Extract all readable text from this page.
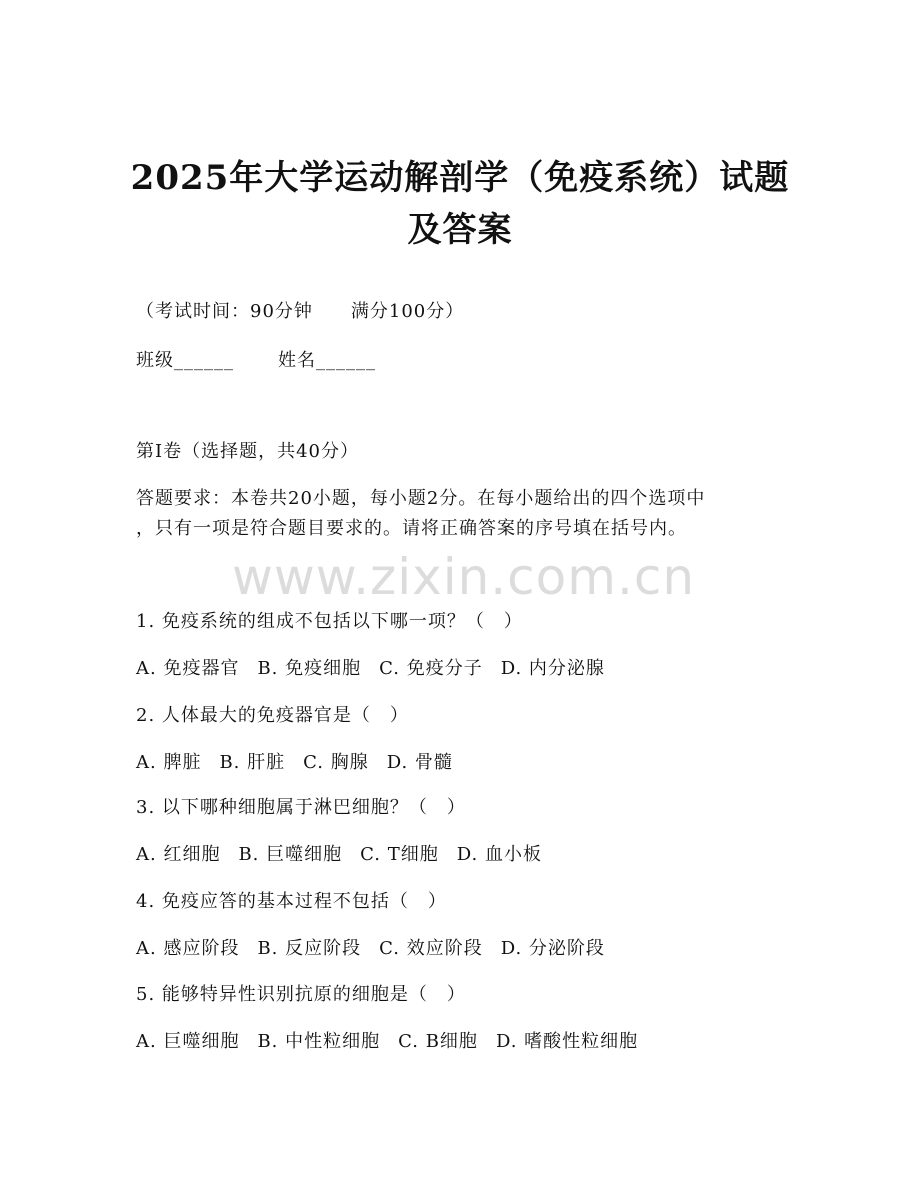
2025年大学运动解剖学（免疫系统）试题及答案
（考试时间：90分钟 满分100分）
班级______ 姓名______
第I卷（选择题，共40分）
答题要求：本卷共20小题，每小题2分。在每小题给出的四个选项中
，只有一项是符合题目要求的。请将正确答案的序号填在括号内。
www.zixin.com.cn
1. 免疫系统的组成不包括以下哪一项？（　）
A. 免疫器官 B. 免疫细胞 C. 免疫分子 D. 内分泌腺
2. 人体最大的免疫器官是（　）
A. 脾脏 B. 肝脏 C. 胸腺 D. 骨髓
3. 以下哪种细胞属于淋巴细胞？（　）
A. 红细胞 B. 巨噬细胞 C. T细胞 D. 血小板
4. 免疫应答的基本过程不包括（　）
A. 感应阶段 B. 反应阶段 C. 效应阶段 D. 分泌阶段
5. 能够特异性识别抗原的细胞是（　）
A. 巨噬细胞 B. 中性粒细胞 C. B细胞 D. 嗜酸性粒细胞
